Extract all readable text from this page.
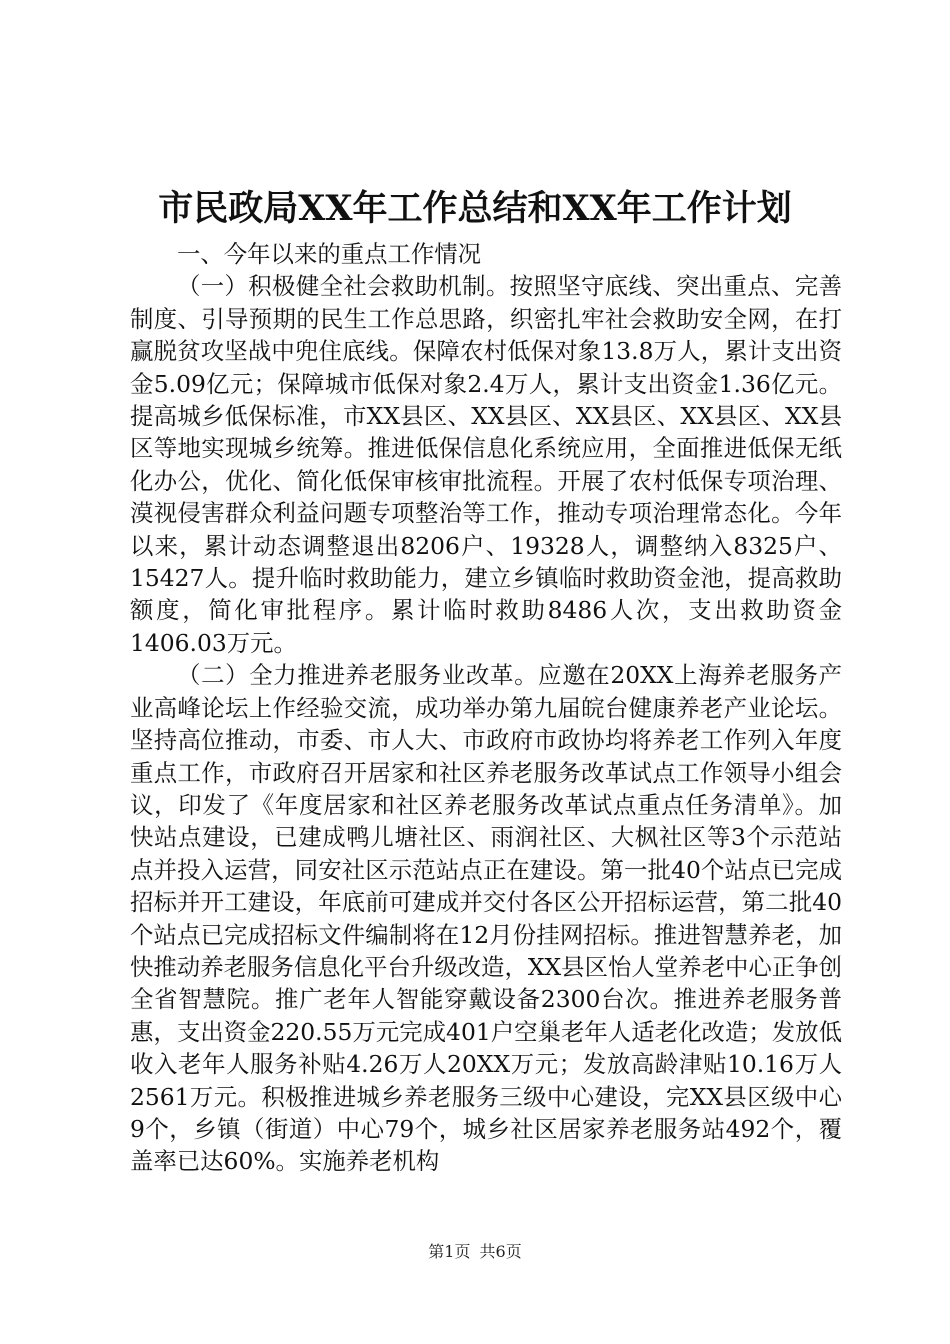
市民政局XX年工作总结和XX年工作计划

一、今年以来的重点工作情况

（一）积极健全社会救助机制。按照坚守底线、突出重点、完善制度、引导预期的民生工作总思路，织密扎牢社会救助安全网，在打赢脱贫攻坚战中兜住底线。保障农村低保对象13.8万人，累计支出资金5.09亿元；保障城市低保对象2.4万人，累计支出资金1.36亿元。提高城乡低保标准，市XX县区、XX县区、XX县区、XX县区、XX县区等地实现城乡统筹。推进低保信息化系统应用，全面推进低保无纸化办公，优化、简化低保审核审批流程。开展了农村低保专项治理、漠视侵害群众利益问题专项整治等工作，推动专项治理常态化。今年以来，累计动态调整退出8206户、19328人，调整纳入8325户、15427人。提升临时救助能力，建立乡镇临时救助资金池，提高救助额度，简化审批程序。累计临时救助8486人次，支出救助资金1406.03万元。

（二）全力推进养老服务业改革。应邀在20XX上海养老服务产业高峰论坛上作经验交流，成功举办第九届皖台健康养老产业论坛。坚持高位推动，市委、市人大、市政府市政协均将养老工作列入年度重点工作，市政府召开居家和社区养老服务改革试点工作领导小组会议，印发了《年度居家和社区养老服务改革试点重点任务清单》。加快站点建设，已建成鸭儿塘社区、雨润社区、大枫社区等3个示范站点并投入运营，同安社区示范站点正在建设。第一批40个站点已完成招标并开工建设，年底前可建成并交付各区公开招标运营，第二批40个站点已完成招标文件编制将在12月份挂网招标。推进智慧养老，加快推动养老服务信息化平台升级改造，XX县区怡人堂养老中心正争创全省智慧院。推广老年人智能穿戴设备2300台次。推进养老服务普惠，支出资金220.55万元完成401户空巢老年人适老化改造；发放低收入老年人服务补贴4.26万人20XX万元；发放高龄津贴10.16万人2561万元。积极推进城乡养老服务三级中心建设，完XX县区级中心9个，乡镇（街道）中心79个，城乡社区居家养老服务站492个，覆盖率已达60%。实施养老机构

第1页 共6页
